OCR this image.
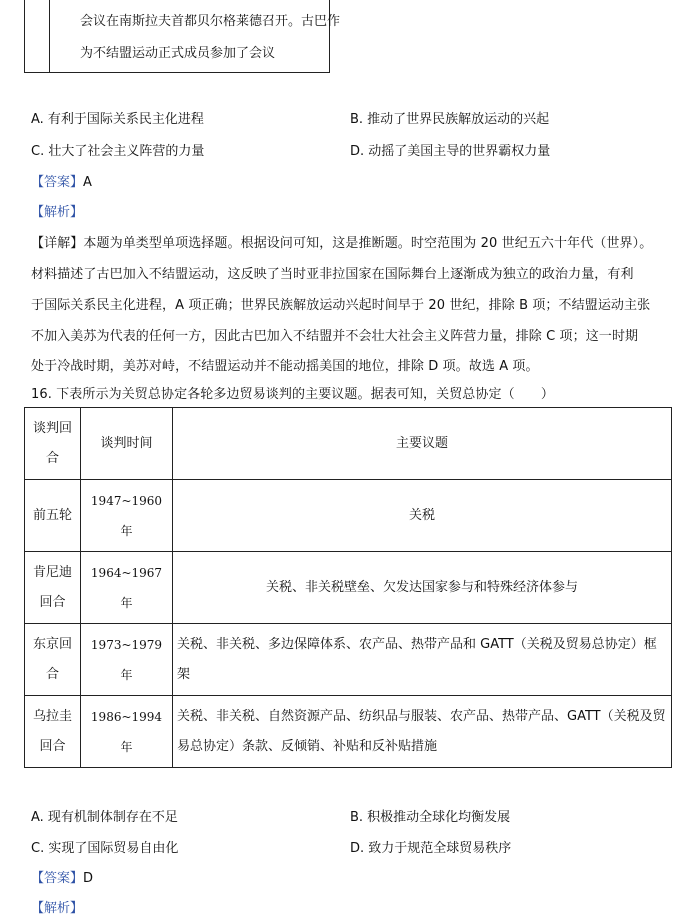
会议在南斯拉夫首都贝尔格莱德召开。古巴作
为不结盟运动正式成员参加了会议
A. 有利于国际关系民主化进程	B. 推动了世界民族解放运动的兴起
C. 壮大了社会主义阵营的力量	D. 动摇了美国主导的世界霸权力量
【答案】A
【解析】
【详解】本题为单类型单项选择题。根据设问可知，这是推断题。时空范围为 20 世纪五六十年代（世界）。
材料描述了古巴加入不结盟运动，这反映了当时亚非拉国家在国际舞台上逐渐成为独立的政治力量，有利
于国际关系民主化进程，A 项正确；世界民族解放运动兴起时间早于 20 世纪，排除 B 项；不结盟运动主张
不加入美苏为代表的任何一方，因此古巴加入不结盟并不会壮大社会主义阵营力量，排除 C 项；这一时期
处于冷战时期，美苏对峙，不结盟运动并不能动摇美国的地位，排除 D 项。故选 A 项。
16. 下表所示为关贸总协定各轮多边贸易谈判的主要议题。据表可知，关贸总协定（　　）
谈判回合	谈判时间	主要议题
前五轮	1947~1960年	关税
肯尼迪回合	1964~1967年	关税、非关税壁垒、欠发达国家参与和特殊经济体参与
东京回合	1973~1979年	关税、非关税、多边保障体系、农产品、热带产品和 GATT（关税及贸易总协定）框架
乌拉圭回合	1986~1994年	关税、非关税、自然资源产品、纺织品与服装、农产品、热带产品、GATT（关税及贸易总协定）条款、反倾销、补贴和反补贴措施
A. 现有机制体制存在不足	B. 积极推动全球化均衡发展
C. 实现了国际贸易自由化	D. 致力于规范全球贸易秩序
【答案】D
【解析】
